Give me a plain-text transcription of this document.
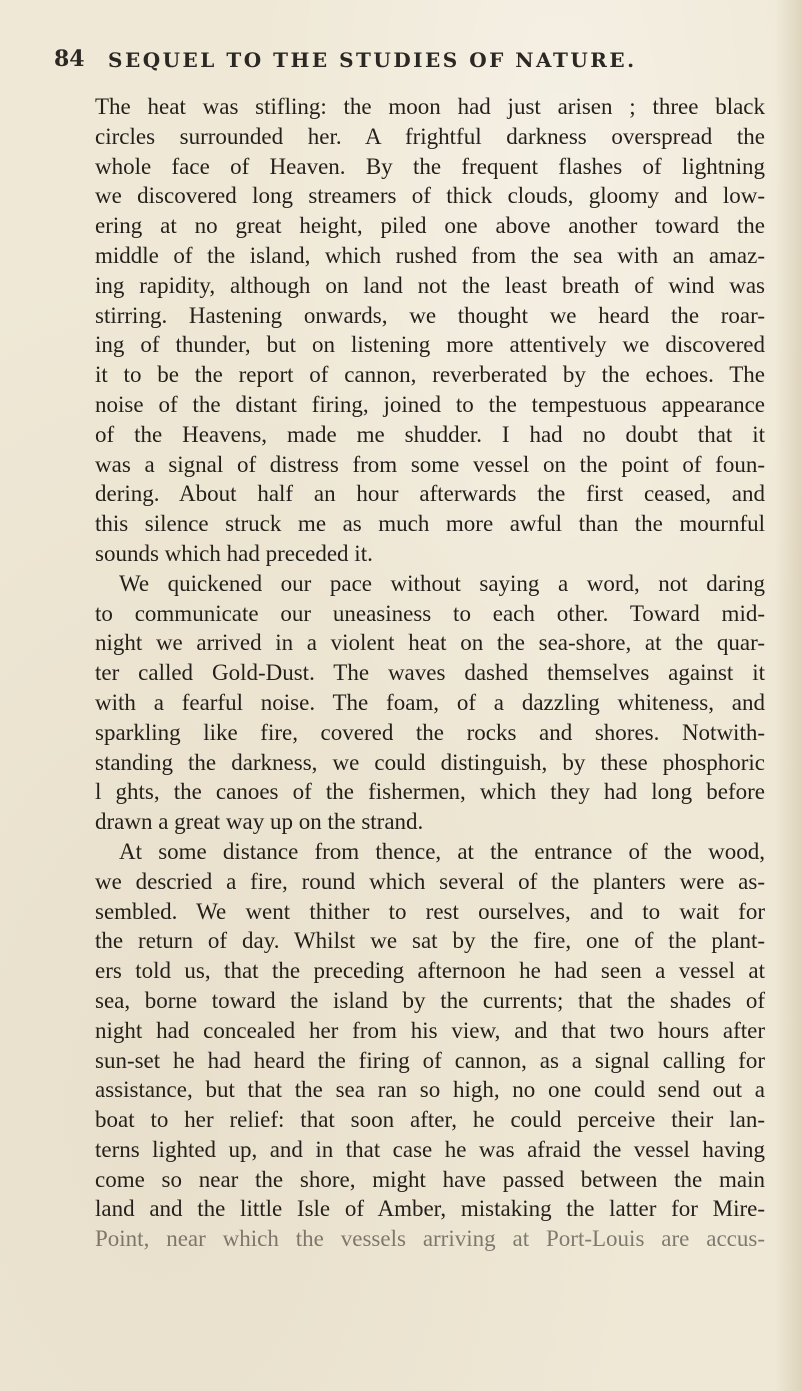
84 SEQUEL TO THE STUDIES OF NATURE.
The heat was stifling: the moon had just arisen ; three black
circles surrounded her. A frightful darkness overspread the
whole face of Heaven. By the frequent flashes of lightning
we discovered long streamers of thick clouds, gloomy and low-
ering at no great height, piled one above another toward the
middle of the island, which rushed from the sea with an amaz-
ing rapidity, although on land not the least breath of wind was
stirring. Hastening onwards, we thought we heard the roar-
ing of thunder, but on listening more attentively we discovered
it to be the report of cannon, reverberated by the echoes. The
noise of the distant firing, joined to the tempestuous appearance
of the Heavens, made me shudder. I had no doubt that it
was a signal of distress from some vessel on the point of foun-
dering. About half an hour afterwards the first ceased, and
this silence struck me as much more awful than the mournful
sounds which had preceded it.
We quickened our pace without saying a word, not daring
to communicate our uneasiness to each other. Toward mid-
night we arrived in a violent heat on the sea-shore, at the quar-
ter called Gold-Dust. The waves dashed themselves against it
with a fearful noise. The foam, of a dazzling whiteness, and
sparkling like fire, covered the rocks and shores. Notwith-
standing the darkness, we could distinguish, by these phosphoric
l ghts, the canoes of the fishermen, which they had long before
drawn a great way up on the strand.
At some distance from thence, at the entrance of the wood,
we descried a fire, round which several of the planters were as-
sembled. We went thither to rest ourselves, and to wait for
the return of day. Whilst we sat by the fire, one of the plant-
ers told us, that the preceding afternoon he had seen a vessel at
sea, borne toward the island by the currents; that the shades of
night had concealed her from his view, and that two hours after
sun-set he had heard the firing of cannon, as a signal calling for
assistance, but that the sea ran so high, no one could send out a
boat to her relief: that soon after, he could perceive their lan-
terns lighted up, and in that case he was afraid the vessel having
come so near the shore, might have passed between the main
land and the little Isle of Amber, mistaking the latter for Mire-
Point, near which the vessels arriving at Port-Louis are accus-
